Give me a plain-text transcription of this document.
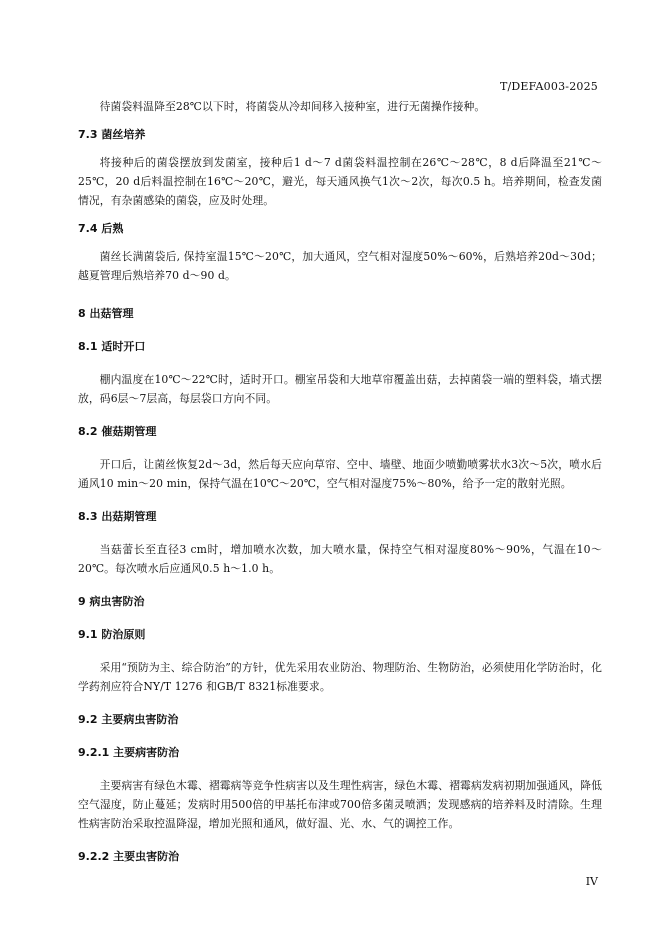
T/DEFA003-2025

待菌袋料温降至28℃以下时，将菌袋从冷却间移入接种室，进行无菌操作接种。

7.3 菌丝培养

将接种后的菌袋摆放到发菌室，接种后1 d～7 d菌袋料温控制在26℃～28℃，8 d后降温至21℃～25℃，20 d后料温控制在16℃～20℃，避光，每天通风换气1次～2次，每次0.5 h。培养期间，检查发菌情况，有杂菌感染的菌袋，应及时处理。

7.4 后熟

菌丝长满菌袋后, 保持室温15℃～20℃，加大通风，空气相对湿度50%～60%，后熟培养20d～30d；越夏管理后熟培养70 d～90 d。

8 出菇管理
8.1 适时开口

棚内温度在10℃～22℃时，适时开口。棚室吊袋和大地草帘覆盖出菇，去掉菌袋一端的塑料袋，墙式摆放，码6层～7层高，每层袋口方向不同。

8.2 催菇期管理

开口后，让菌丝恢复2d～3d，然后每天应向草帘、空中、墙壁、地面少喷勤喷雾状水3次～5次，喷水后通风10 min～20 min，保持气温在10℃～20℃，空气相对湿度75%～80%，给予一定的散射光照。

8.3 出菇期管理

当菇蕾长至直径3 cm时，增加喷水次数，加大喷水量，保持空气相对湿度80%～90%，气温在10～20℃。每次喷水后应通风0.5 h～1.0 h。

9 病虫害防治
9.1 防治原则

采用“预防为主、综合防治”的方针，优先采用农业防治、物理防治、生物防治，必须使用化学防治时，化学药剂应符合NY/T 1276 和GB/T 8321标准要求。

9.2 主要病虫害防治
9.2.1 主要病害防治

主要病害有绿色木霉、褶霉病等竞争性病害以及生理性病害，绿色木霉、褶霉病发病初期加强通风，降低空气湿度，防止蔓延；发病时用500倍的甲基托布津或700倍多菌灵喷洒；发现感病的培养料及时清除。生理性病害防治采取控温降湿，增加光照和通风，做好温、光、水、气的调控工作。

9.2.2 主要虫害防治
IV
